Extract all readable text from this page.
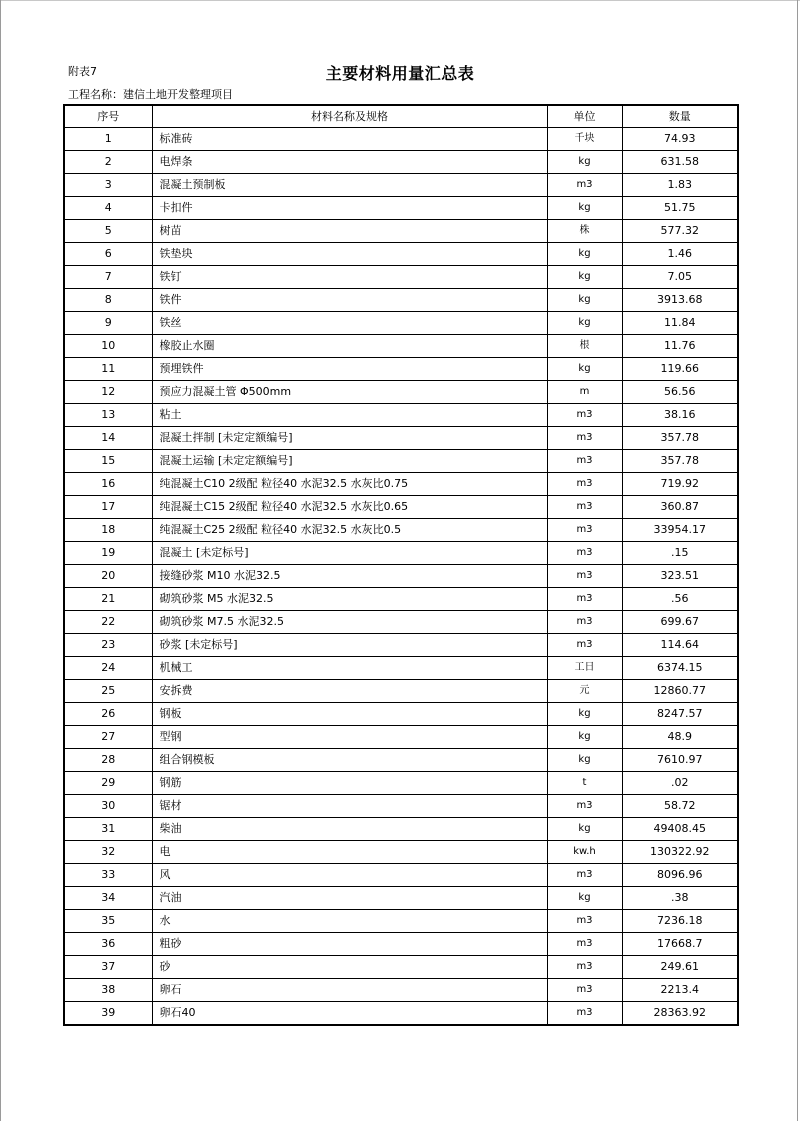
附表7	主要材料用量汇总表
工程名称：建信土地开发整理项目
序号	材料名称及规格	单位	数量
1	标准砖	千块	74.93
2	电焊条	kg	631.58
3	混凝土预制板	m3	1.83
4	卡扣件	kg	51.75
5	树苗	株	577.32
6	铁垫块	kg	1.46
7	铁钉	kg	7.05
8	铁件	kg	3913.68
9	铁丝	kg	11.84
10	橡胶止水圈	根	11.76
11	预埋铁件	kg	119.66
12	预应力混凝土管 Φ500mm	m	56.56
13	粘土	m3	38.16
14	混凝土拌制 [未定定额编号]	m3	357.78
15	混凝土运输 [未定定额编号]	m3	357.78
16	纯混凝土C10 2级配 粒径40 水泥32.5 水灰比0.75	m3	719.92
17	纯混凝土C15 2级配 粒径40 水泥32.5 水灰比0.65	m3	360.87
18	纯混凝土C25 2级配 粒径40 水泥32.5 水灰比0.5	m3	33954.17
19	混凝土 [未定标号]	m3	.15
20	接缝砂浆 M10 水泥32.5	m3	323.51
21	砌筑砂浆 M5 水泥32.5	m3	.56
22	砌筑砂浆 M7.5 水泥32.5	m3	699.67
23	砂浆 [未定标号]	m3	114.64
24	机械工	工日	6374.15
25	安拆费	元	12860.77
26	钢板	kg	8247.57
27	型钢	kg	48.9
28	组合钢模板	kg	7610.97
29	钢筋	t	.02
30	锯材	m3	58.72
31	柴油	kg	49408.45
32	电	kw.h	130322.92
33	风	m3	8096.96
34	汽油	kg	.38
35	水	m3	7236.18
36	粗砂	m3	17668.7
37	砂	m3	249.61
38	卵石	m3	2213.4
39	卵石40	m3	28363.92
